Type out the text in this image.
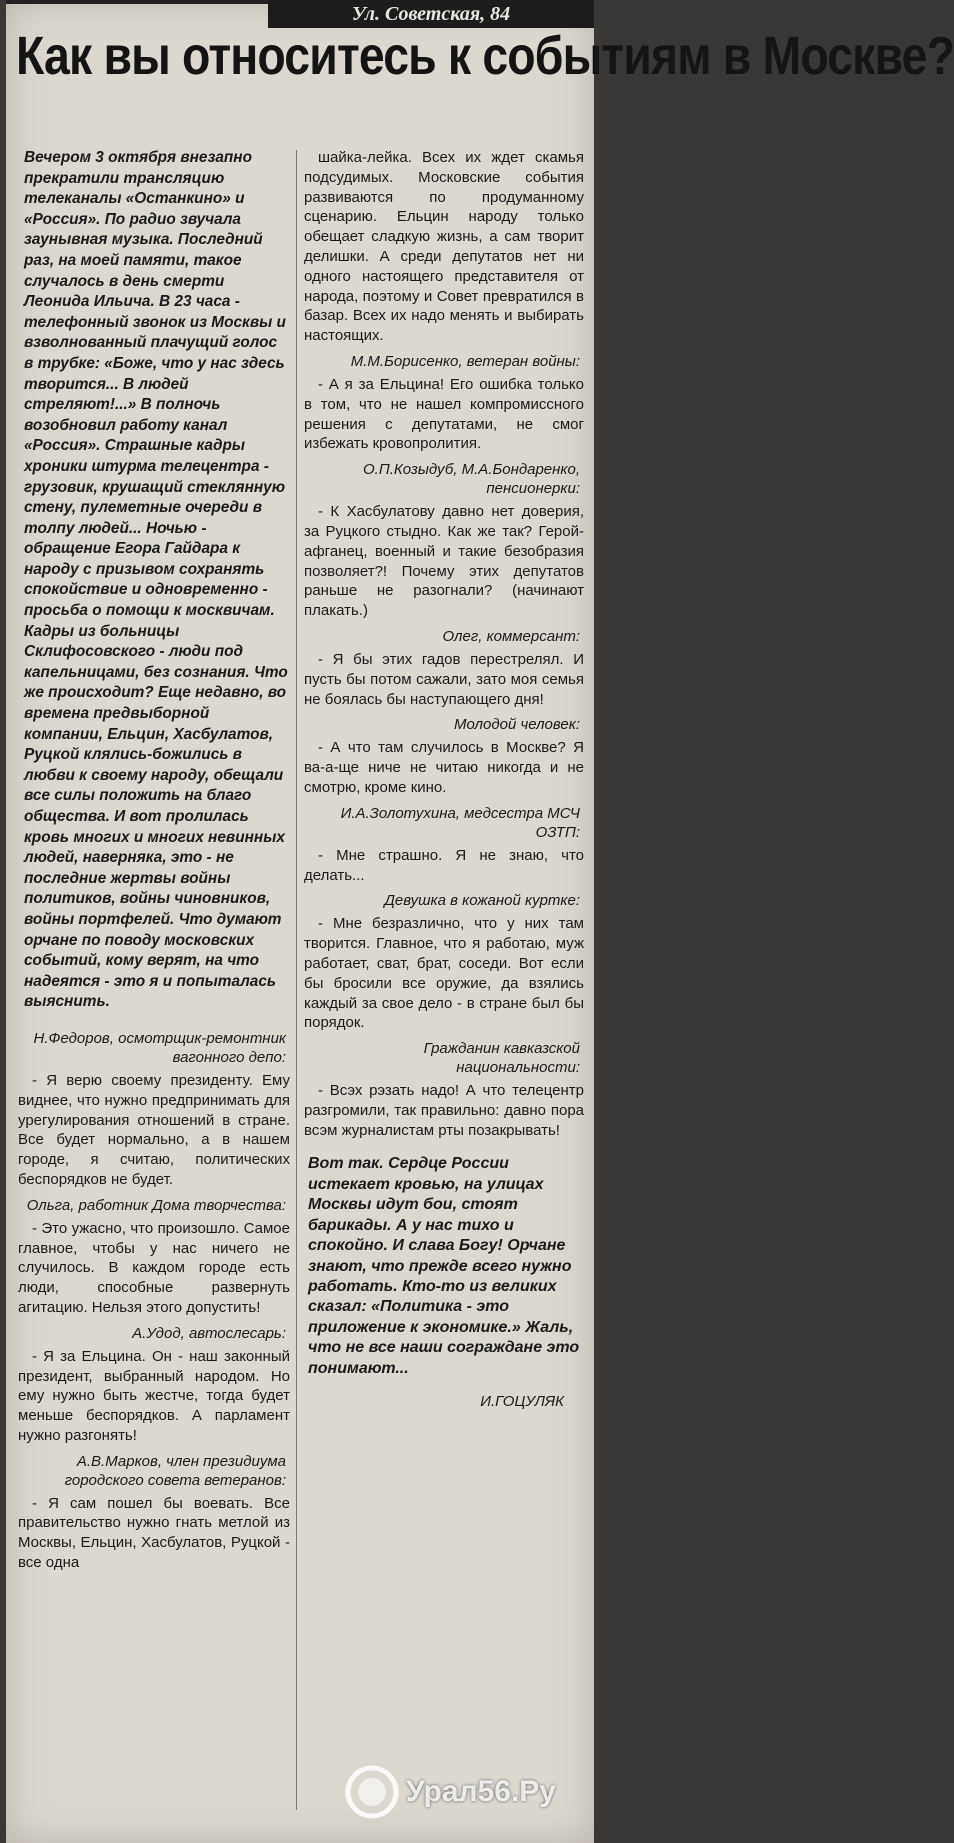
Ул. Советская, 84
Как вы относитесь к событиям в Москве?

Вечером 3 октября внезапно прекратили трансляцию телеканалы «Останкино» и «Россия». По радио звучала заунывная музыка. Последний раз, на моей памяти, такое случалось в день смерти Леонида Ильича. В 23 часа - телефонный звонок из Москвы и взволнованный плачущий голос в трубке: «Боже, что у нас здесь творится... В людей стреляют!...» В полночь возобновил работу канал «Россия». Страшные кадры хроники штурма телецентра - грузовик, крушащий стеклянную стену, пулеметные очереди в толпу людей... Ночью - обращение Егора Гайдара к народу с призывом сохранять спокойствие и одновременно - просьба о помощи к москвичам. Кадры из больницы Склифосовского - люди под капельницами, без сознания. Что же происходит? Еще недавно, во времена предвыборной компании, Ельцин, Хасбулатов, Руцкой клялись-божились в любви к своему народу, обещали все силы положить на благо общества. И вот пролилась кровь многих и многих невинных людей, наверняка, это - не последние жертвы войны политиков, войны чиновников, войны портфелей. Что думают орчане по поводу московских событий, кому верят, на что надеятся - это я и попыталась выяснить.

Н.Федоров, осмотрщик-ремонтник вагонного депо:

- Я верю своему президенту. Ему виднее, что нужно предпринимать для урегулирования отношений в стране. Все будет нормально, а в нашем городе, я считаю, политических беспорядков не будет.

Ольга, работник Дома творчества:

- Это ужасно, что произошло. Самое главное, чтобы у нас ничего не случилось. В каждом городе есть люди, способные развернуть агитацию. Нельзя этого допустить!

А.Удод, автослесарь:

- Я за Ельцина. Он - наш законный президент, выбранный народом. Но ему нужно быть жестче, тогда будет меньше беспорядков. А парламент нужно разгонять!

А.В.Марков, член президиума городского совета ветеранов:

- Я сам пошел бы воевать. Все правительство нужно гнать метлой из Москвы, Ельцин, Хасбулатов, Руцкой - все одна

шайка-лейка. Всех их ждет скамья подсудимых. Московские события развиваются по продуманному сценарию. Ельцин народу только обещает сладкую жизнь, а сам творит делишки. А среди депутатов нет ни одного настоящего представителя от народа, поэтому и Совет превратился в базар. Всех их надо менять и выбирать настоящих.

М.М.Борисенко, ветеран войны:

- А я за Ельцина! Его ошибка только в том, что не нашел компромиссного решения с депутатами, не смог избежать кровопролития.

О.П.Козыдуб, М.А.Бондаренко, пенсионерки:

- К Хасбулатову давно нет доверия, за Руцкого стыдно. Как же так? Герой-афганец, военный и такие безобразия позволяет?! Почему этих депутатов раньше не разогнали? (начинают плакать.)

Олег, коммерсант:

- Я бы этих гадов перестрелял. И пусть бы потом сажали, зато моя семья не боялась бы наступающего дня!

Молодой человек:

- А что там случилось в Москве? Я ва-а-ще ниче не читаю никогда и не смотрю, кроме кино.

И.А.Золотухина, медсестра МСЧ ОЗТП:

- Мне страшно. Я не знаю, что делать...

Девушка в кожаной куртке:

- Мне безразлично, что у них там творится. Главное, что я работаю, муж работает, сват, брат, соседи. Вот если бы бросили все оружие, да взялись каждый за свое дело - в стране был бы порядок.

Гражданин кавказской национальности:

- Всэх рэзать надо! А что телецентр разгромили, так правильно: давно пора всэм журналистам рты позакрывать!

Вот так. Сердце России истекает кровью, на улицах Москвы идут бои, стоят барикады. А у нас тихо и спокойно. И слава Богу! Орчане знают, что прежде всего нужно работать. Кто-то из великих сказал: «Политика - это приложение к экономике.» Жаль, что не все наши сограждане это понимают...

И.ГОЦУЛЯК
Урал56.Ру
